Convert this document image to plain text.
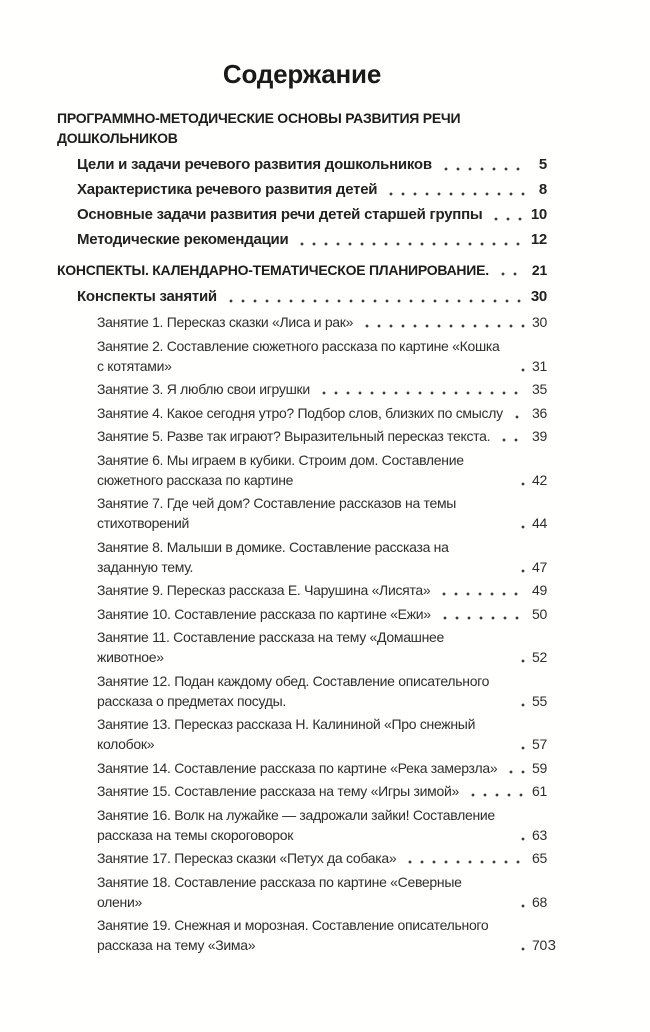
Содержание
ПРОГРАММНО-МЕТОДИЧЕСКИЕ ОСНОВЫ РАЗВИТИЯ РЕЧИ ДОШКОЛЬНИКОВ
Цели и задачи речевого развития дошкольников	5
Характеристика речевого развития детей	8
Основные задачи развития речи детей старшей группы	10
Методические рекомендации	12
КОНСПЕКТЫ. КАЛЕНДАРНО-ТЕМАТИЧЕСКОЕ ПЛАНИРОВАНИЕ.	21
Конспекты занятий	30
Занятие 1. Пересказ сказки «Лиса и рак»	30
Занятие 2. Составление сюжетного рассказа по картине «Кошка с котятами»	31
Занятие 3. Я люблю свои игрушки	35
Занятие 4. Какое сегодня утро? Подбор слов, близких по смыслу 36
Занятие 5. Разве так играют? Выразительный пересказ текста.	39
Занятие 6. Мы играем в кубики. Строим дом. Составление сюжетного рассказа по картине	42
Занятие 7. Где чей дом? Составление рассказов на темы стихотворений	44
Занятие 8. Малыши в домике. Составление рассказа на заданную тему.	47
Занятие 9. Пересказ рассказа Е. Чарушина «Лисята»	49
Занятие 10. Составление рассказа по картине «Ежи»	50
Занятие 11. Составление рассказа на тему «Домашнее животное»	52
Занятие 12. Подан каждому обед. Составление описательного рассказа о предметах посуды.	55
Занятие 13. Пересказ рассказа Н. Калининой «Про снежный колобок»	57
Занятие 14. Составление рассказа по картине «Река замерзла» 59
Занятие 15. Составление рассказа на тему «Игры зимой»	61
Занятие 16. Волк на лужайке — задрожали зайки! Составление рассказа на темы скороговорок	63
Занятие 17. Пересказ сказки «Петух да собака»	65
Занятие 18. Составление рассказа по картине «Северные олени»	68
Занятие 19. Снежная и морозная. Составление описательного рассказа на тему «Зима»	70 3
